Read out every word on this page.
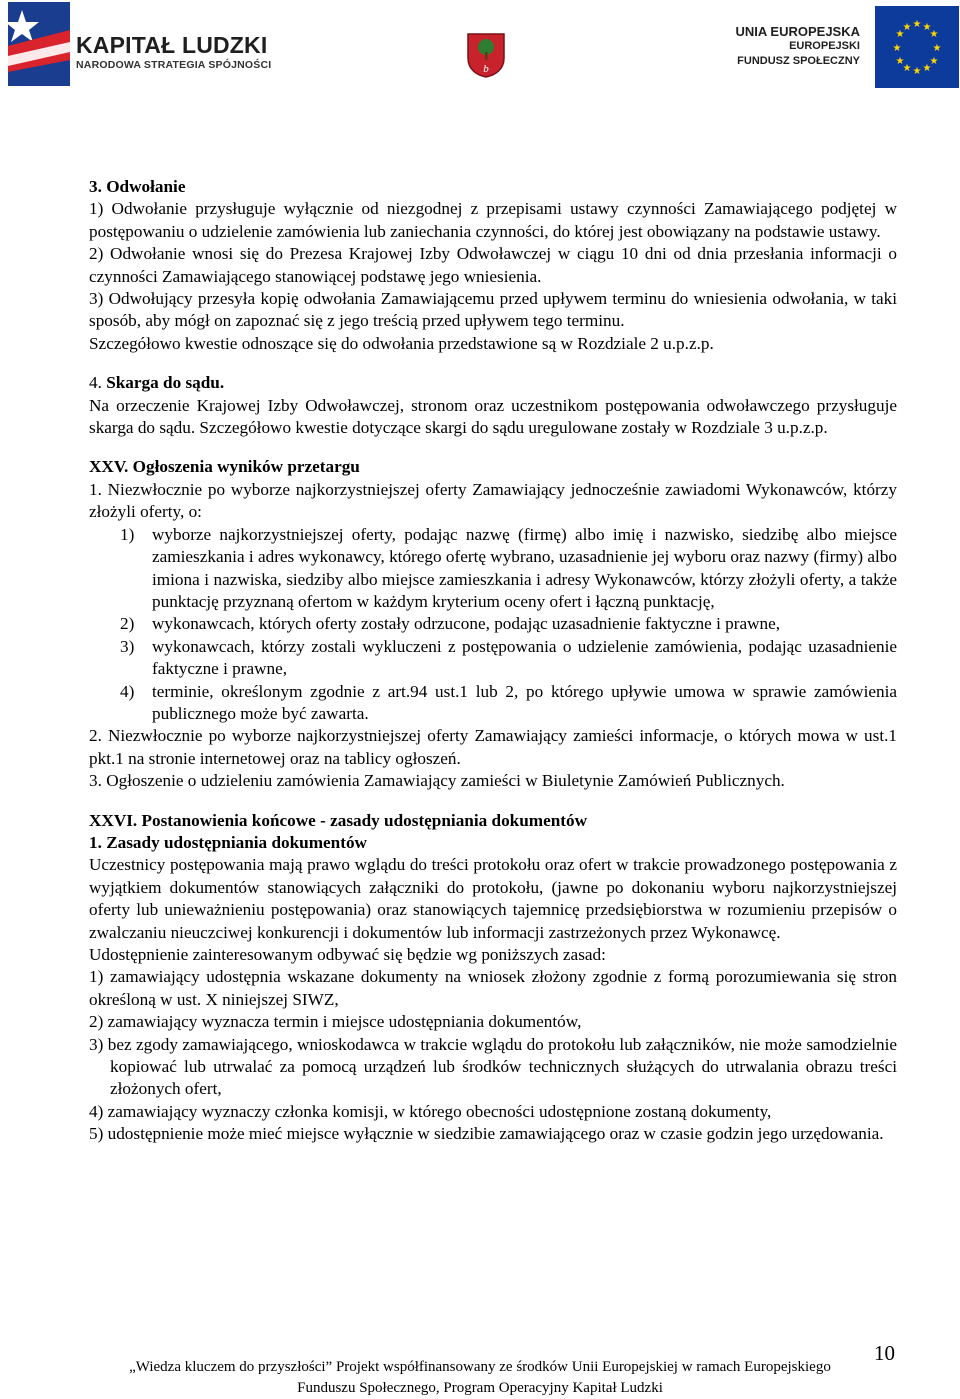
KAPITAŁ LUDZKI
NARODOWA STRATEGIA SPÓJNOŚCI	b
UNIA EUROPEJSKA
EUROPEJSKI
FUNDUSZ SPOŁECZNY
★ ★
★
★
★
★
★
★
★
★
★
★

3. Odwołanie

1) Odwołanie przysługuje wyłącznie od niezgodnej z przepisami ustawy czynności Zamawiającego podjętej w postępowaniu o udzielenie zamówienia lub zaniechania czynności, do której jest obowiązany na podstawie ustawy.

2) Odwołanie wnosi się do Prezesa Krajowej Izby Odwoławczej w ciągu 10 dni od dnia przesłania informacji o czynności Zamawiającego stanowiącej podstawę jego wniesienia.

3) Odwołujący przesyła kopię odwołania Zamawiającemu przed upływem terminu do wniesienia odwołania, w taki sposób, aby mógł on zapoznać się z jego treścią przed upływem tego terminu.

Szczegółowo kwestie odnoszące się do odwołania przedstawione są w Rozdziale 2 u.p.z.p.

4. Skarga do sądu.

Na orzeczenie Krajowej Izby Odwoławczej, stronom oraz uczestnikom postępowania odwoławczego przysługuje skarga do sądu. Szczegółowo kwestie dotyczące skargi do sądu uregulowane zostały w Rozdziale 3 u.p.z.p.

XXV. Ogłoszenia wyników przetargu

1. Niezwłocznie po wyborze najkorzystniejszej oferty Zamawiający jednocześnie zawiadomi Wykonawców, którzy złożyli oferty, o:

1) wyborze najkorzystniejszej oferty, podając nazwę (firmę) albo imię i nazwisko, siedzibę albo miejsce zamieszkania i adres wykonawcy, którego ofertę wybrano, uzasadnienie jej wyboru oraz nazwy (firmy) albo imiona i nazwiska, siedziby albo miejsce zamieszkania i adresy Wykonawców, którzy złożyli oferty, a także punktację przyznaną ofertom w każdym kryterium oceny ofert i łączną punktację,
2) wykonawcach, których oferty zostały odrzucone, podając uzasadnienie faktyczne i prawne,
3) wykonawcach, którzy zostali wykluczeni z postępowania o udzielenie zamówienia, podając uzasadnienie faktyczne i prawne,
4) terminie, określonym zgodnie z art.94 ust.1 lub 2, po którego upływie umowa w sprawie zamówienia publicznego może być zawarta.

2. Niezwłocznie po wyborze najkorzystniejszej oferty Zamawiający zamieści informacje, o których mowa w ust.1 pkt.1 na stronie internetowej oraz na tablicy ogłoszeń.

3. Ogłoszenie o udzieleniu zamówienia Zamawiający zamieści w Biuletynie Zamówień Publicznych.

XXVI. Postanowienia końcowe - zasady udostępniania dokumentów

1. Zasady udostępniania dokumentów

Uczestnicy postępowania mają prawo wglądu do treści protokołu oraz ofert w trakcie prowadzonego postępowania z wyjątkiem dokumentów stanowiących załączniki do protokołu, (jawne po dokonaniu wyboru najkorzystniejszej oferty lub unieważnieniu postępowania) oraz stanowiących tajemnicę przedsiębiorstwa w rozumieniu przepisów o zwalczaniu nieuczciwej konkurencji i dokumentów lub informacji zastrzeżonych przez Wykonawcę.

Udostępnienie zainteresowanym odbywać się będzie wg poniższych zasad:

1) zamawiający udostępnia wskazane dokumenty na wniosek złożony zgodnie z formą porozumiewania się stron określoną w ust. X niniejszej SIWZ,

2) zamawiający wyznacza termin i miejsce udostępniania dokumentów,

3) bez zgody zamawiającego, wnioskodawca w trakcie wglądu do protokołu lub załączników, nie może samodzielnie kopiować lub utrwalać za pomocą urządzeń lub środków technicznych służących do utrwalania obrazu treści złożonych ofert,

4) zamawiający wyznaczy członka komisji, w którego obecności udostępnione zostaną dokumenty,

5) udostępnienie może mieć miejsce wyłącznie w siedzibie zamawiającego oraz w czasie godzin jego urzędowania.

10
„Wiedza kluczem do przyszłości” Projekt współfinansowany ze środków Unii Europejskiej w ramach Europejskiego
Funduszu Społecznego, Program Operacyjny Kapitał Ludzki
